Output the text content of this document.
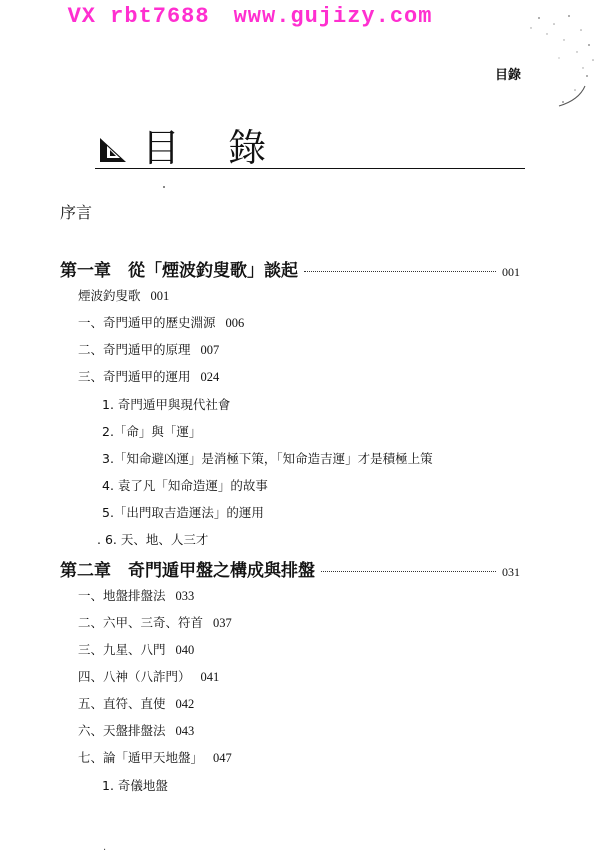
VX rbt7688 www.gujizy.com
目錄
目 錄
序言
第一章　從「煙波釣叟歌」談起	001
煙波釣叟歌 001
一、奇門遁甲的歷史淵源 006
二、奇門遁甲的原理 007
三、奇門遁甲的運用 024
1. 奇門遁甲與現代社會
2.「命」與「運」
3.「知命避凶運」是消極下策，「知命造吉運」才是積極上策
4. 袁了凡「知命造運」的故事
5.「出門取吉造運法」的運用
. 6. 天、地、人三才
第二章　奇門遁甲盤之構成與排盤	031
一、地盤排盤法 033
二、六甲、三奇、符首 037
三、九星、八門 040
四、八神（八詐門） 041
五、直符、直使 042
六、天盤排盤法 043
七、論「遁甲天地盤」 047
1. 奇儀地盤
·
